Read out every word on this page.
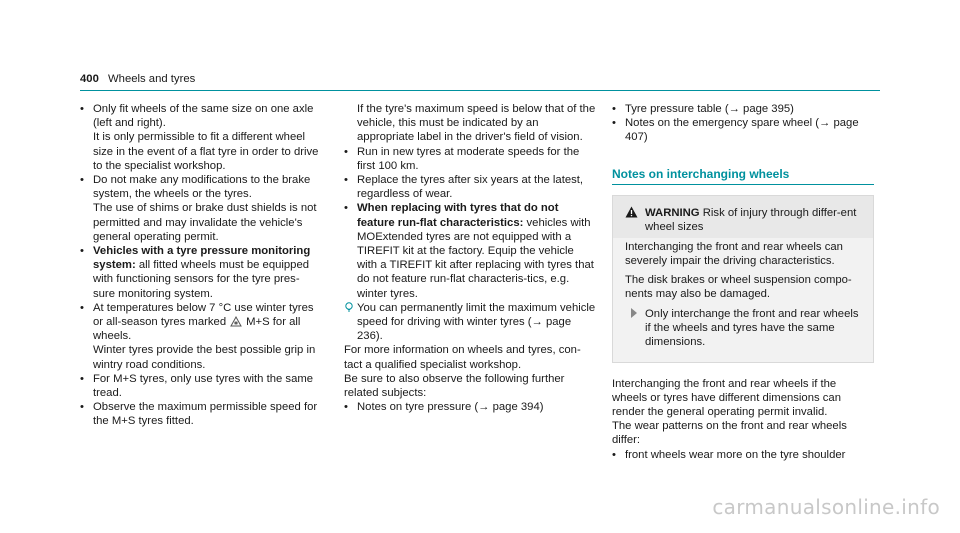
400 Wheels and tyres

• Only fit wheels of the same size on one axle (left and right).

It is only permissible to fit a different wheel size in the event of a flat tyre in order to drive to the specialist workshop.

• Do not make any modifications to the brake system, the wheels or the tyres.

The use of shims or brake dust shields is not permitted and may invalidate the vehicle's general operating permit.

• Vehicles with a tyre pressure monitoring system: all fitted wheels must be equipped with functioning sensors for the tyre pres-sure monitoring system.

• At temperatures below 7 °C use winter tyres or all-season tyres marked M+S for all wheels.

Winter tyres provide the best possible grip in wintry road conditions.

• For M+S tyres, only use tyres with the same tread.

• Observe the maximum permissible speed for the M+S tyres fitted.

If the tyre's maximum speed is below that of the vehicle, this must be indicated by an appropriate label in the driver's field of vision.

• Run in new tyres at moderate speeds for the first 100 km.

• Replace the tyres after six years at the latest, regardless of wear.

• When replacing with tyres that do not feature run-flat characteristics: vehicles with MOExtended tyres are not equipped with a TIREFIT kit at the factory. Equip the vehicle with a TIREFIT kit after replacing with tyres that do not feature run-flat characteris-tics, e.g. winter tyres.

You can permanently limit the maximum vehicle speed for driving with winter tyres (→ page 236).

For more information on wheels and tyres, con-tact a qualified specialist workshop.

Be sure to also observe the following further related subjects:

• Notes on tyre pressure (→ page 394)

• Tyre pressure table (→ page 395)

• Notes on the emergency spare wheel (→ page 407)

Notes on interchanging wheels
WARNING Risk of injury through differ-ent wheel sizes

Interchanging the front and rear wheels can severely impair the driving characteristics.

The disk brakes or wheel suspension compo-nents may also be damaged.

Only interchange the front and rear wheels if the wheels and tyres have the same dimensions.

Interchanging the front and rear wheels if the wheels or tyres have different dimensions can render the general operating permit invalid.

The wear patterns on the front and rear wheels differ:

• front wheels wear more on the tyre shoulder

carmanualsonline.info
